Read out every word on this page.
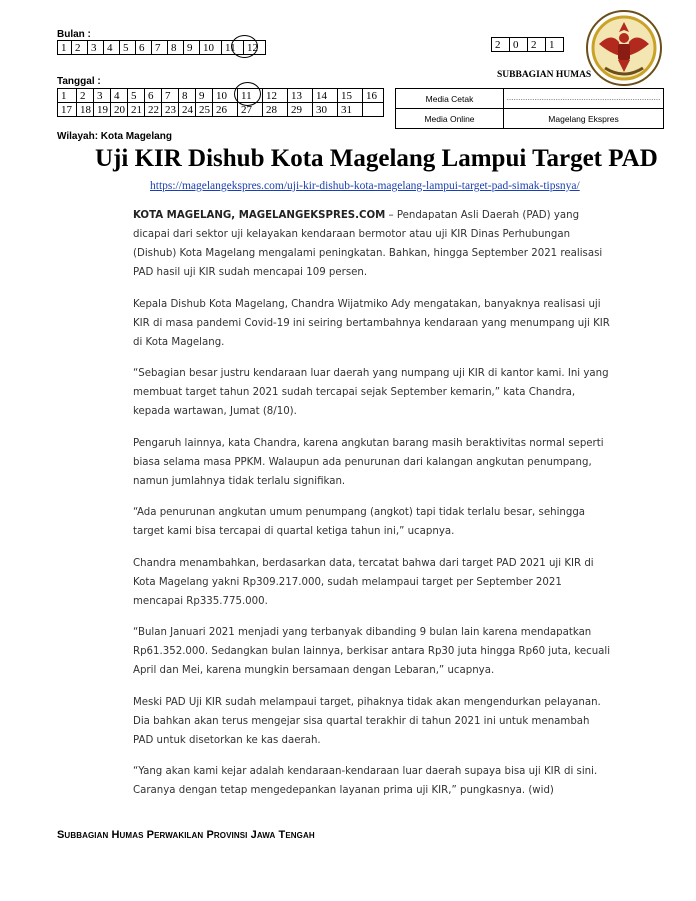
Bulan :
1	2	3	4	5	6	7	8	9	10	11	12	2	0	2	1
SUBBAGIAN HUMAS
Tanggal :
1	2	3	4	5	6	7	8	9	10	11	12	13	14	15	16
17	18	19	20	21	22	23	24	25	26	27	28	29	30	31	
Media Cetak	…………………………………………………………
Media Online	Magelang Ekspres
Wilayah: Kota Magelang
Uji KIR Dishub Kota Magelang Lampui Target PAD
https://magelangekspres.com/uji-kir-dishub-kota-magelang-lampui-target-pad-simak-tipsnya/

KOTA MAGELANG, MAGELANGEKSPRES.COM – Pendapatan Asli Daerah (PAD) yang dicapai dari sektor uji kelayakan kendaraan bermotor atau uji KIR Dinas Perhubungan (Dishub) Kota Magelang mengalami peningkatan. Bahkan, hingga September 2021 realisasi PAD hasil uji KIR sudah mencapai 109 persen.

Kepala Dishub Kota Magelang, Chandra Wijatmiko Ady mengatakan, banyaknya realisasi uji KIR di masa pandemi Covid-19 ini seiring bertambahnya kendaraan yang menumpang uji KIR di Kota Magelang.

“Sebagian besar justru kendaraan luar daerah yang numpang uji KIR di kantor kami. Ini yang membuat target tahun 2021 sudah tercapai sejak September kemarin,” kata Chandra, kepada wartawan, Jumat (8/10).

Pengaruh lainnya, kata Chandra, karena angkutan barang masih beraktivitas normal seperti biasa selama masa PPKM. Walaupun ada penurunan dari kalangan angkutan penumpang, namun jumlahnya tidak terlalu signifikan.

“Ada penurunan angkutan umum penumpang (angkot) tapi tidak terlalu besar, sehingga target kami bisa tercapai di quartal ketiga tahun ini,” ucapnya.

Chandra menambahkan, berdasarkan data, tercatat bahwa dari target PAD 2021 uji KIR di Kota Magelang yakni Rp309.217.000, sudah melampaui target per September 2021 mencapai Rp335.775.000.

“Bulan Januari 2021 menjadi yang terbanyak dibanding 9 bulan lain karena mendapatkan Rp61.352.000. Sedangkan bulan lainnya, berkisar antara Rp30 juta hingga Rp60 juta, kecuali April dan Mei, karena mungkin bersamaan dengan Lebaran,” ucapnya.

Meski PAD Uji KIR sudah melampaui target, pihaknya tidak akan mengendurkan pelayanan. Dia bahkan akan terus mengejar sisa quartal terakhir di tahun 2021 ini untuk menambah PAD untuk disetorkan ke kas daerah.

“Yang akan kami kejar adalah kendaraan-kendaraan luar daerah supaya bisa uji KIR di sini. Caranya dengan tetap mengedepankan layanan prima uji KIR,” pungkasnya. (wid)

Subbagian Humas Perwakilan Provinsi Jawa Tengah
